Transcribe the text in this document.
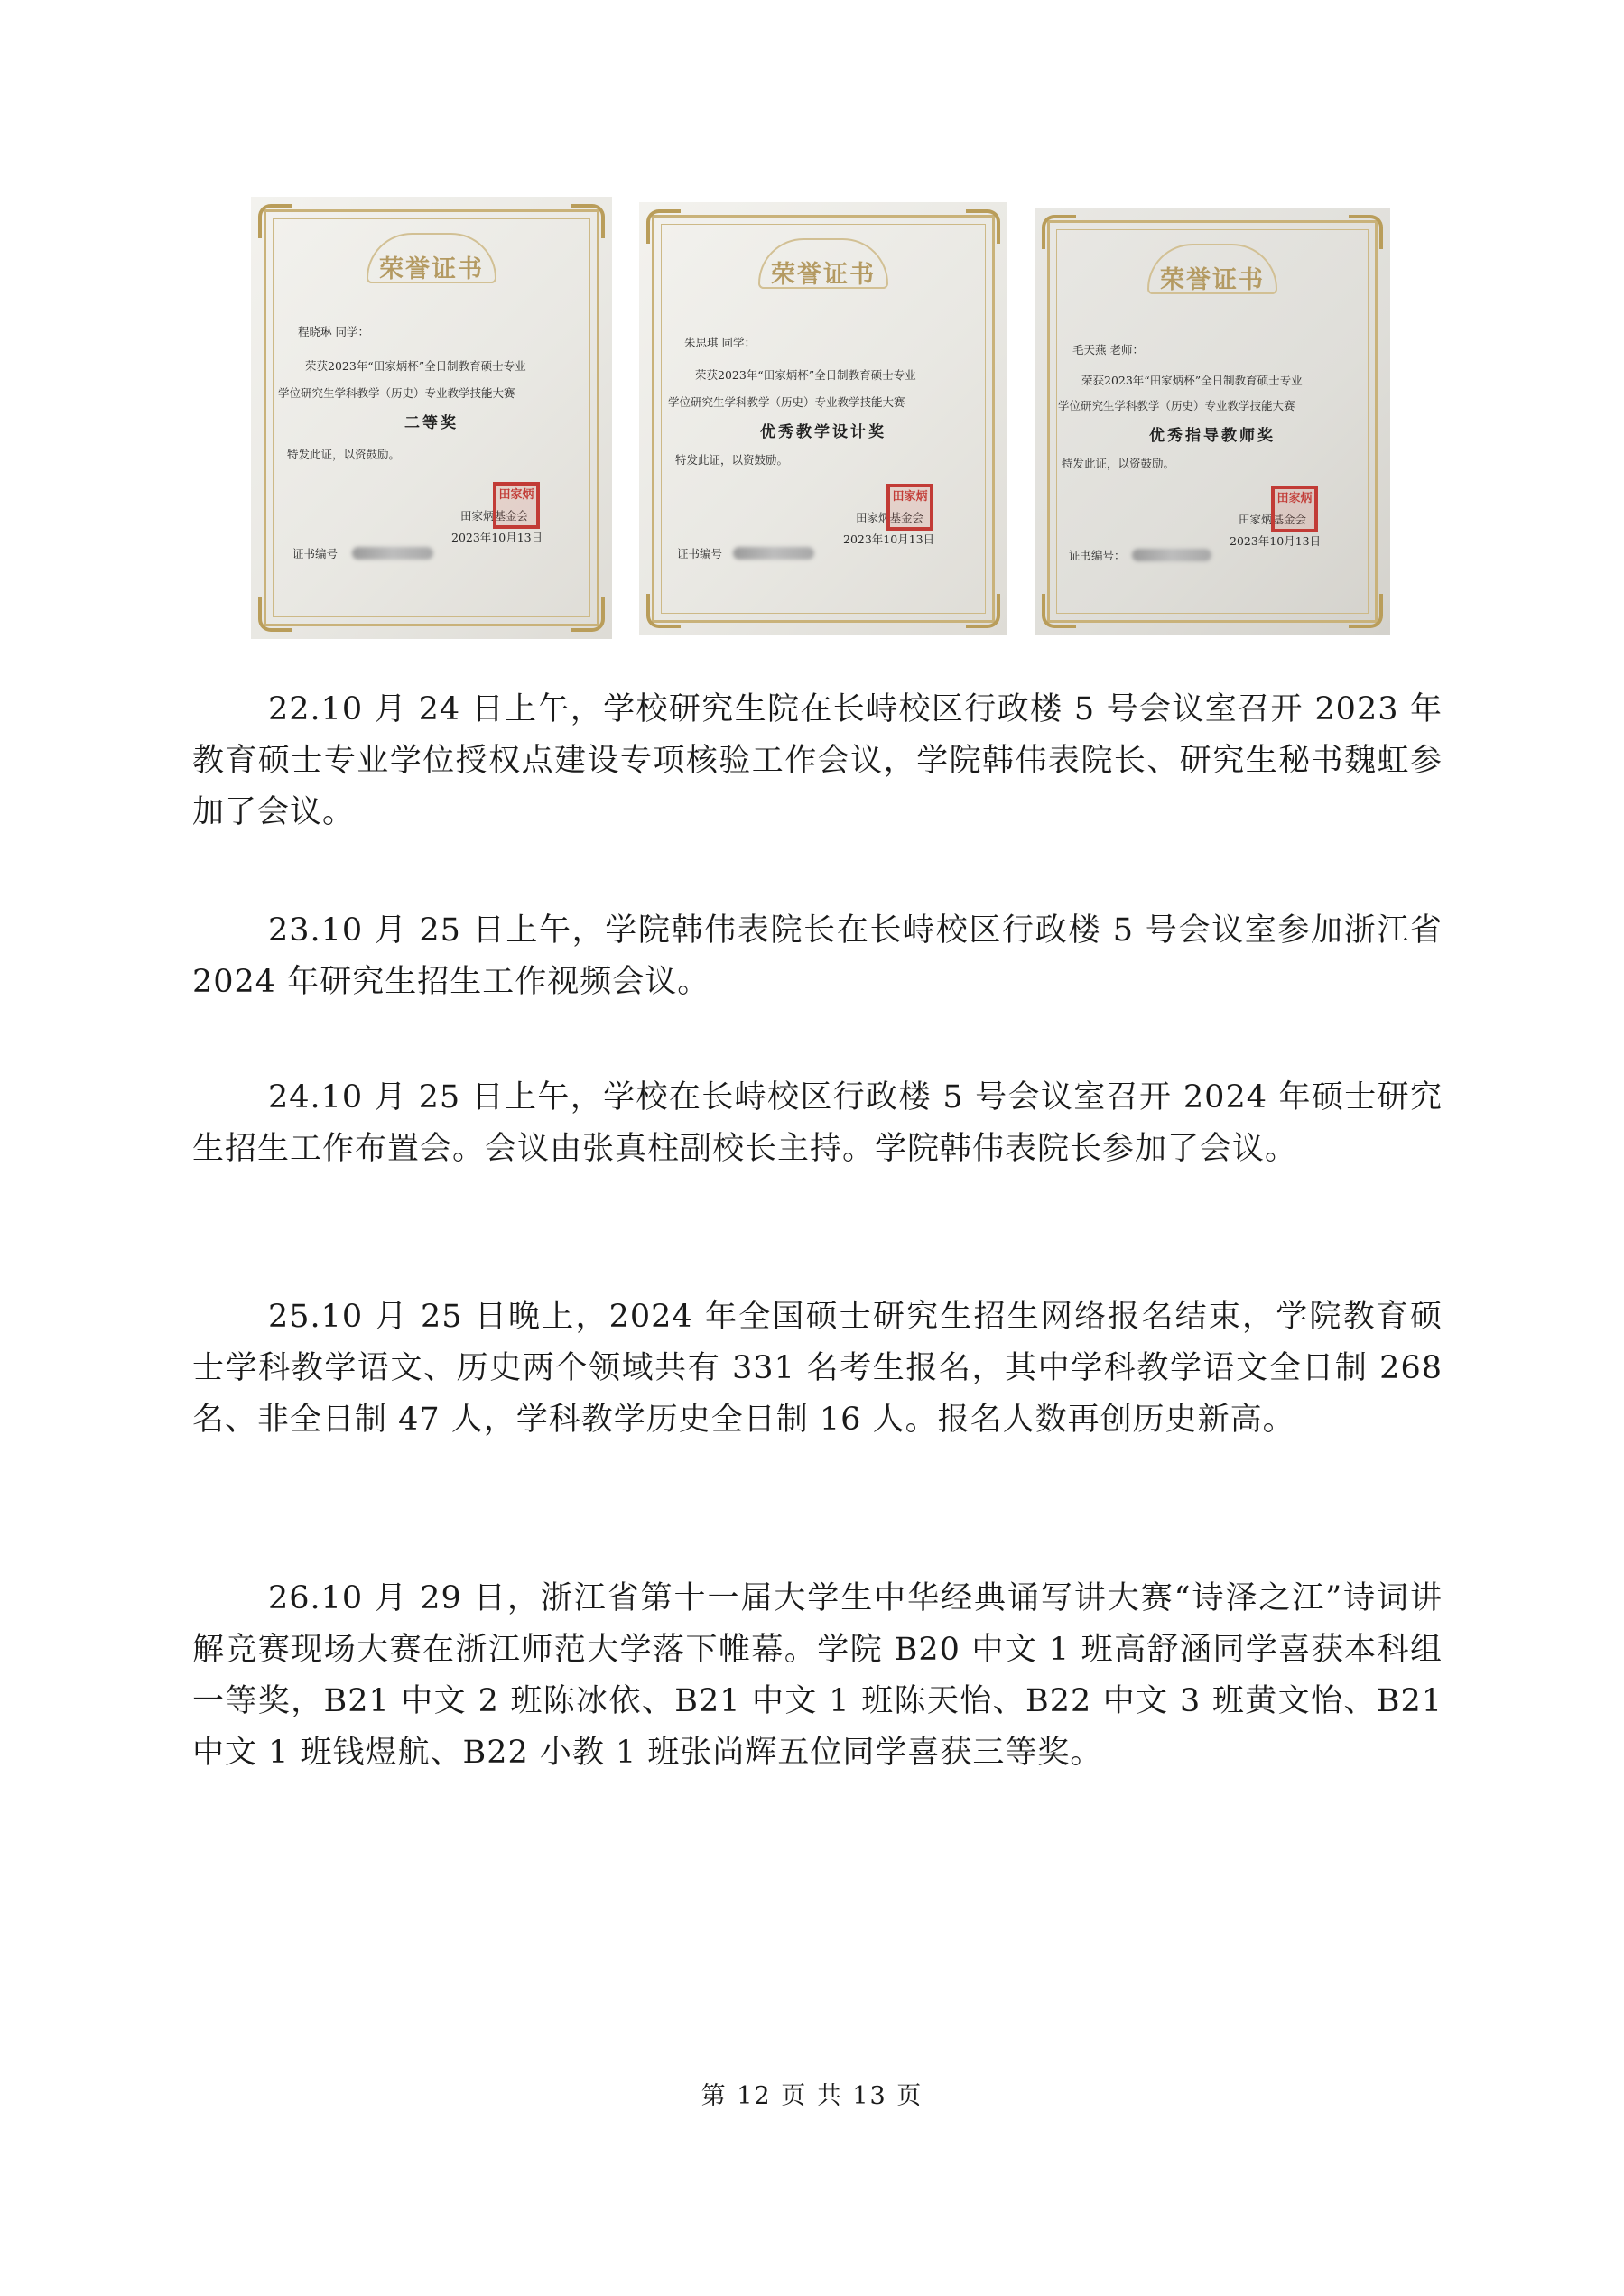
荣誉证书
程晓琳 同学：
荣获2023年“田家炳杯”全日制教育硕士专业
学位研究生学科教学（历史）专业教学技能大赛
二等奖
特发此证，以资鼓励。
田家炳基金会
2023年10月13日
田家炳
证书编号
荣誉证书
朱思琪 同学：
荣获2023年“田家炳杯”全日制教育硕士专业
学位研究生学科教学（历史）专业教学技能大赛
优秀教学设计奖
特发此证，以资鼓励。
田家炳基金会
2023年10月13日
田家炳
证书编号
荣誉证书
毛天燕 老师：
荣获2023年“田家炳杯”全日制教育硕士专业
学位研究生学科教学（历史）专业教学技能大赛
优秀指导教师奖
特发此证，以资鼓励。
田家炳基金会
2023年10月13日
田家炳
证书编号：

22.10 月 24 日上午，学校研究生院在长峙校区行政楼 5 号会议室召开 2023 年教育硕士专业学位授权点建设专项核验工作会议，学院韩伟表院长、研究生秘书魏虹参加了会议。

23.10 月 25 日上午，学院韩伟表院长在长峙校区行政楼 5 号会议室参加浙江省 2024 年研究生招生工作视频会议。

24.10 月 25 日上午，学校在长峙校区行政楼 5 号会议室召开 2024 年硕士研究生招生工作布置会。会议由张真柱副校长主持。学院韩伟表院长参加了会议。

25.10 月 25 日晚上，2024 年全国硕士研究生招生网络报名结束，学院教育硕士学科教学语文、历史两个领域共有 331 名考生报名，其中学科教学语文全日制 268 名、非全日制 47 人，学科教学历史全日制 16 人。报名人数再创历史新高。

26.10 月 29 日，浙江省第十一届大学生中华经典诵写讲大赛“诗泽之江”诗词讲解竞赛现场大赛在浙江师范大学落下帷幕。学院 B20 中文 1 班高舒涵同学喜获本科组一等奖，B21 中文 2 班陈冰依、B21 中文 1 班陈天怡、B22 中文 3 班黄文怡、B21 中文 1 班钱煜航、B22 小教 1 班张尚辉五位同学喜获三等奖。

第 12 页 共 13 页
